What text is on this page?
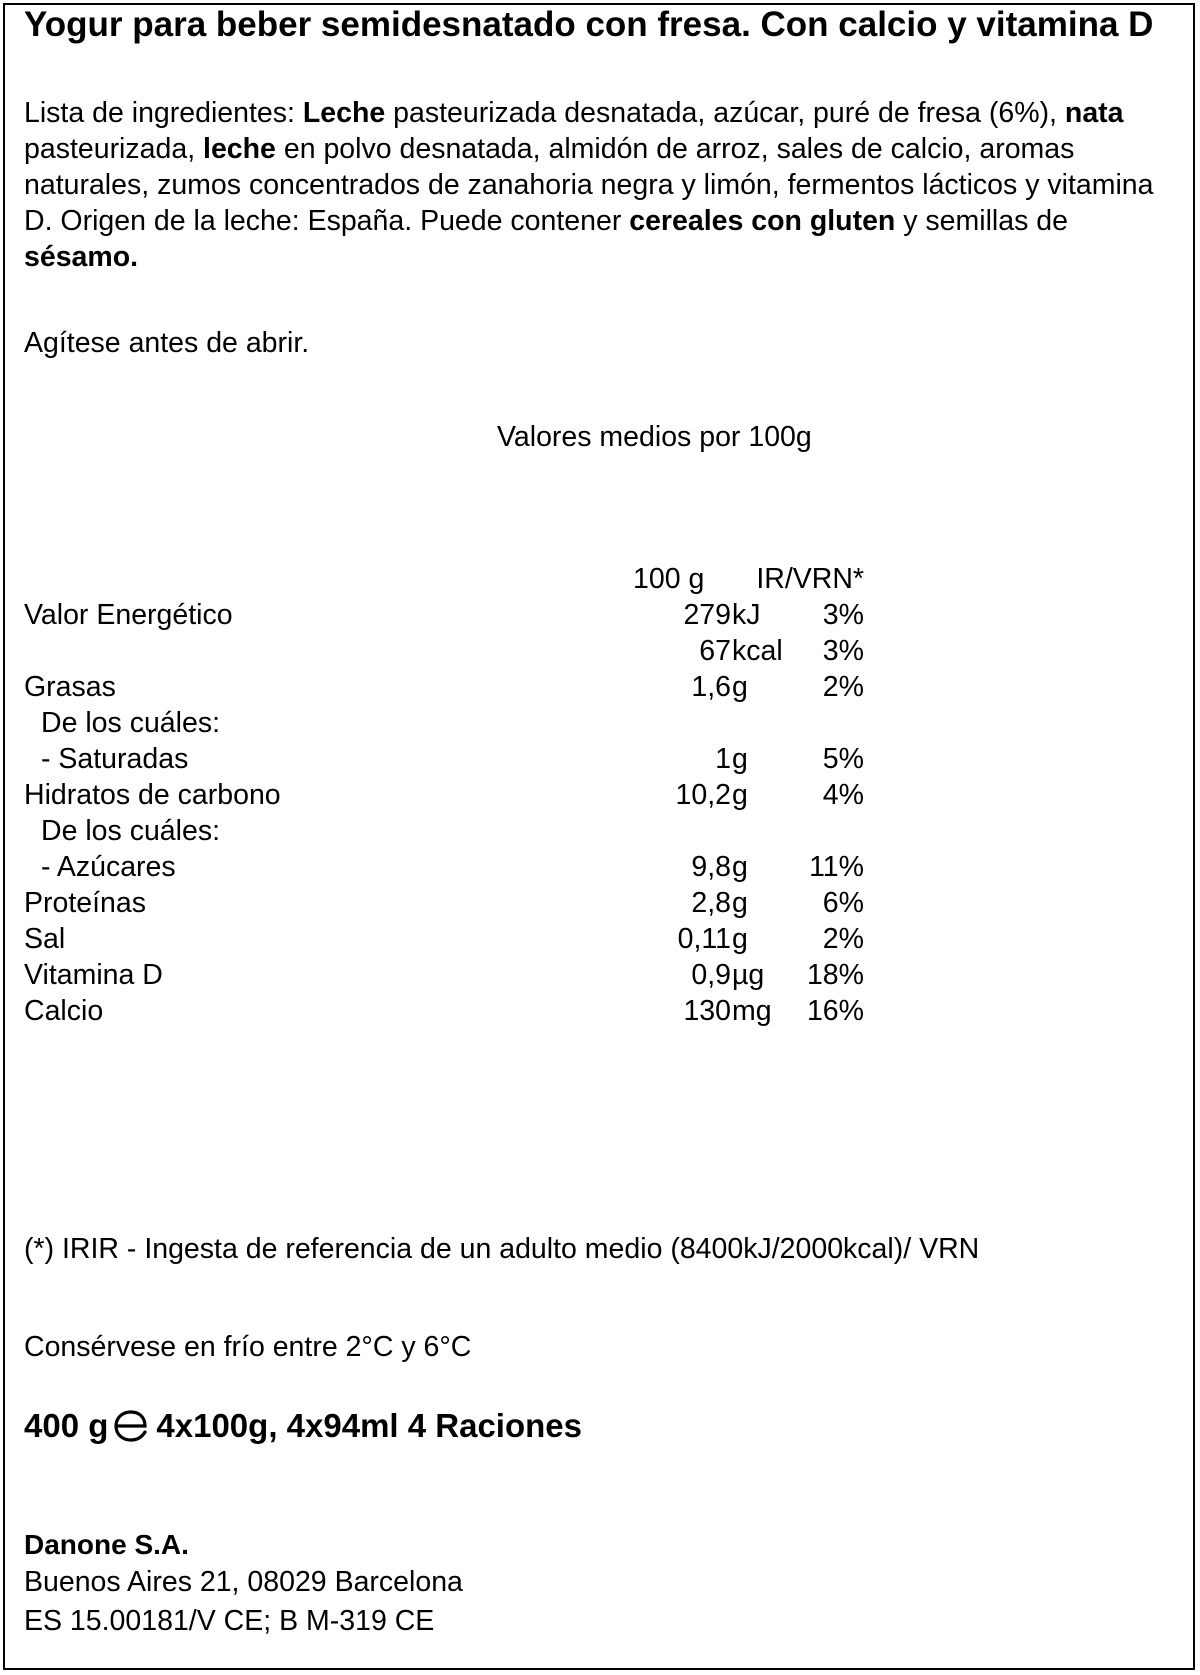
Yogur para beber semidesnatado con fresa. Con calcio y vitamina D

Lista de ingredientes: Leche pasteurizada desnatada, azúcar, puré de fresa (6%), nata pasteurizada, leche en polvo desnatada, almidón de arroz, sales de calcio, aromas naturales, zumos concentrados de zanahoria negra y limón, fermentos lácticos y vitamina D. Origen de la leche: España. Puede contener cereales con gluten y semillas de sésamo.

Agítese antes de abrir.
Valores medios por 100g
100 g IR/VRN*
Valor Energético	279 kJ	3%
67 kcal	3%
Grasas	1,6 g	2%
De los cuáles:
- Saturadas	1 g	5%
Hidratos de carbono	10,2 g	4%
De los cuáles:
- Azúcares	9,8 g	11%
Proteínas	2,8 g	6%
Sal	0,11 g	2%
Vitamina D	0,9 µg	18%
Calcio	130 mg	16%
(*) IRIR - Ingesta de referencia de un adulto medio (8400kJ/2000kcal)/ VRN
Consérvese en frío entre 2°C y 6°C
400 g 4x100g, 4x94ml 4 Raciones
Danone S.A.
Buenos Aires 21, 08029 Barcelona
ES 15.00181/V CE; B M-319 CE
